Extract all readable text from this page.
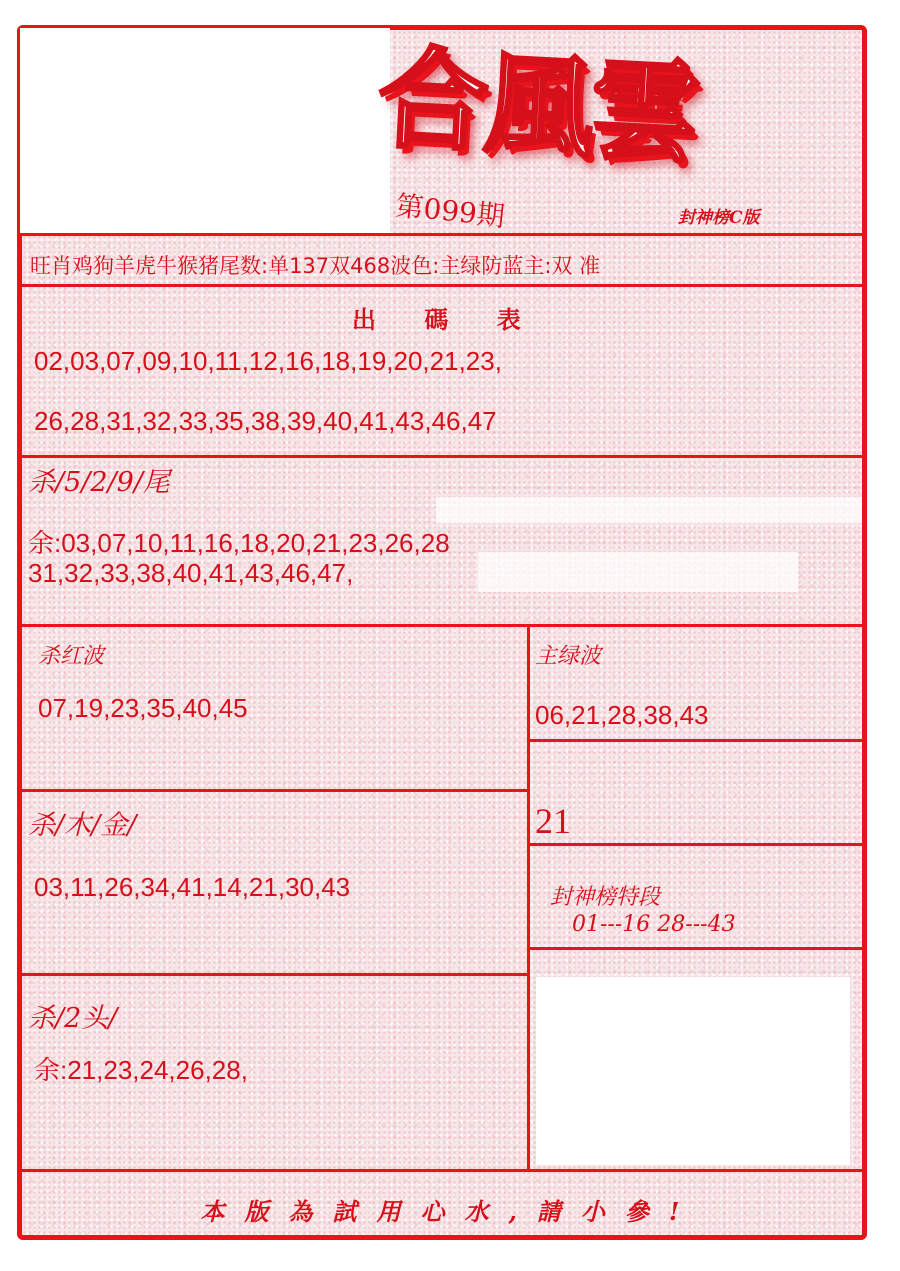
合風雲
第099期	封神榜C版
旺肖鸡狗羊虎牛猴猪尾数:单137双468波色:主绿防蓝主:双 准
出 碼 表
02,03,07,09,10,11,12,16,18,19,20,21,23,
26,28,31,32,33,35,38,39,40,41,43,46,47
杀/5/2/9/尾
余:03,07,10,11,16,18,20,21,23,26,28
31,32,33,38,40,41,43,46,47,
杀红波
07,19,23,35,40,45
主绿波
06,21,28,38,43
21
杀/木/金/
03,11,26,34,41,14,21,30,43	封神榜特段
01---16 28---43
杀/2头/
余:21,23,24,26,28,
本版為試用心水,請小參!
